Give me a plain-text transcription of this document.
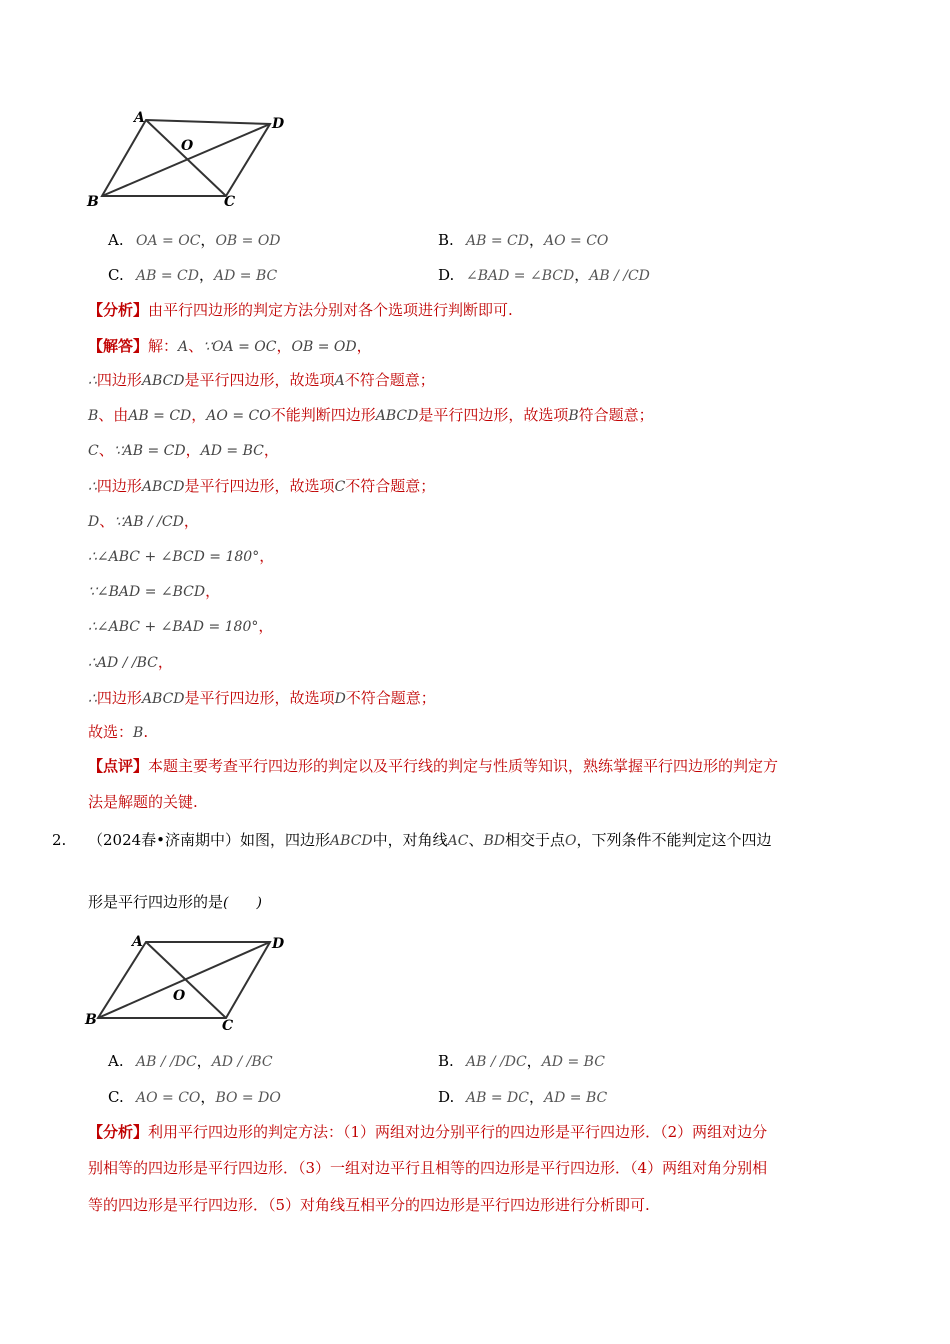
A	D
O
B	C
A. OA = OC，OB = OD	B. AB = CD，AO = CO
C. AB = CD，AD = BC	D. ∠BAD = ∠BCD，AB / /CD
【分析】由平行四边形的判定方法分别对各个选项进行判断即可.
【解答】解：A、∵OA = OC，OB = OD，
∴四边形ABCD是平行四边形，故选项A不符合题意；
B、由AB = CD，AO = CO不能判断四边形ABCD是平行四边形，故选项B符合题意；
C、∵AB = CD，AD = BC，
∴四边形ABCD是平行四边形，故选项C不符合题意；
D、∵AB / /CD，
∴∠ABC + ∠BCD = 180°，
∵∠BAD = ∠BCD，
∴∠ABC + ∠BAD = 180°，
∴AD / /BC，
∴四边形ABCD是平行四边形，故选项D不符合题意；
故选：B.
【点评】本题主要考查平行四边形的判定以及平行线的判定与性质等知识，熟练掌握平行四边形的判定方
法是解题的关键.
2. （2024春•济南期中）如图，四边形ABCD中，对角线AC、BD相交于点O，下列条件不能判定这个四边
形是平行四边形的是(　　)
A	D
O
B	C
A. AB / /DC，AD / /BC	B. AB / /DC，AD = BC
C. AO = CO，BO = DO	D. AB = DC，AD = BC
【分析】利用平行四边形的判定方法：（1）两组对边分别平行的四边形是平行四边形．（2）两组对边分
别相等的四边形是平行四边形．（3）一组对边平行且相等的四边形是平行四边形．（4）两组对角分别相
等的四边形是平行四边形．（5）对角线互相平分的四边形是平行四边形进行分析即可.
